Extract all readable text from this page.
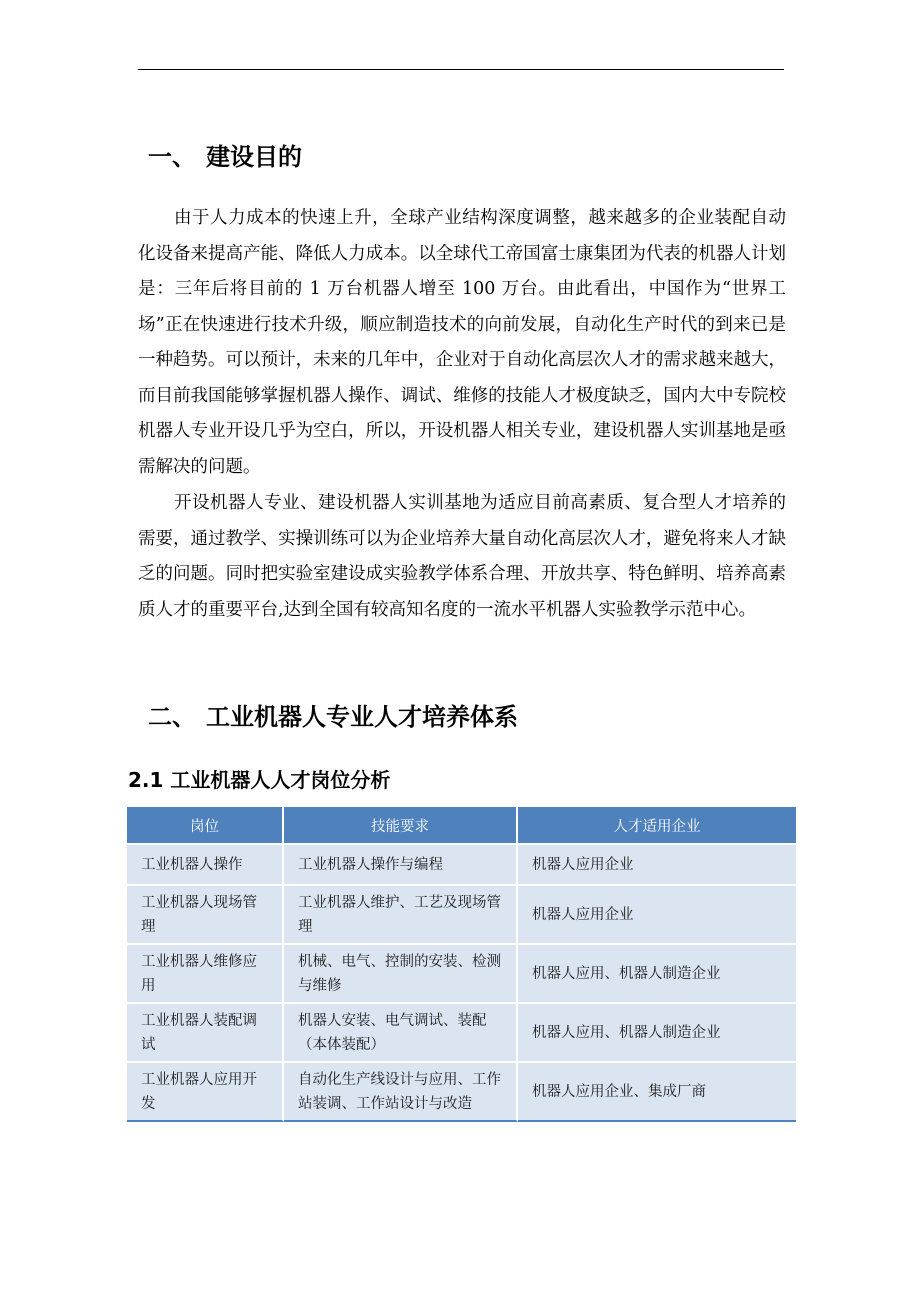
一、 建设目的

由于人力成本的快速上升，全球产业结构深度调整，越来越多的企业装配自动化设备来提高产能、降低人力成本。以全球代工帝国富士康集团为代表的机器人计划是：三年后将目前的 1 万台机器人增至 100 万台。由此看出，中国作为“世界工场”正在快速进行技术升级，顺应制造技术的向前发展，自动化生产时代的到来已是一种趋势。可以预计，未来的几年中，企业对于自动化高层次人才的需求越来越大，而目前我国能够掌握机器人操作、调试、维修的技能人才极度缺乏，国内大中专院校机器人专业开设几乎为空白，所以，开设机器人相关专业，建设机器人实训基地是亟需解决的问题。

开设机器人专业、建设机器人实训基地为适应目前高素质、复合型人才培养的需要，通过教学、实操训练可以为企业培养大量自动化高层次人才，避免将来人才缺乏的问题。同时把实验室建设成实验教学体系合理、开放共享、特色鲜明、培养高素质人才的重要平台,达到全国有较高知名度的一流水平机器人实验教学示范中心。

二、 工业机器人专业人才培养体系
2.1 工业机器人人才岗位分析
岗位	技能要求	人才适用企业
工业机器人操作	工业机器人操作与编程	机器人应用企业
工业机器人现场管理	工业机器人维护、工艺及现场管理	机器人应用企业
工业机器人维修应用	机械、电气、控制的安装、检测与维修	机器人应用、机器人制造企业
工业机器人装配调试	机器人安装、电气调试、装配（本体装配）	机器人应用、机器人制造企业
工业机器人应用开发	自动化生产线设计与应用、工作站装调、工作站设计与改造	机器人应用企业、集成厂商
